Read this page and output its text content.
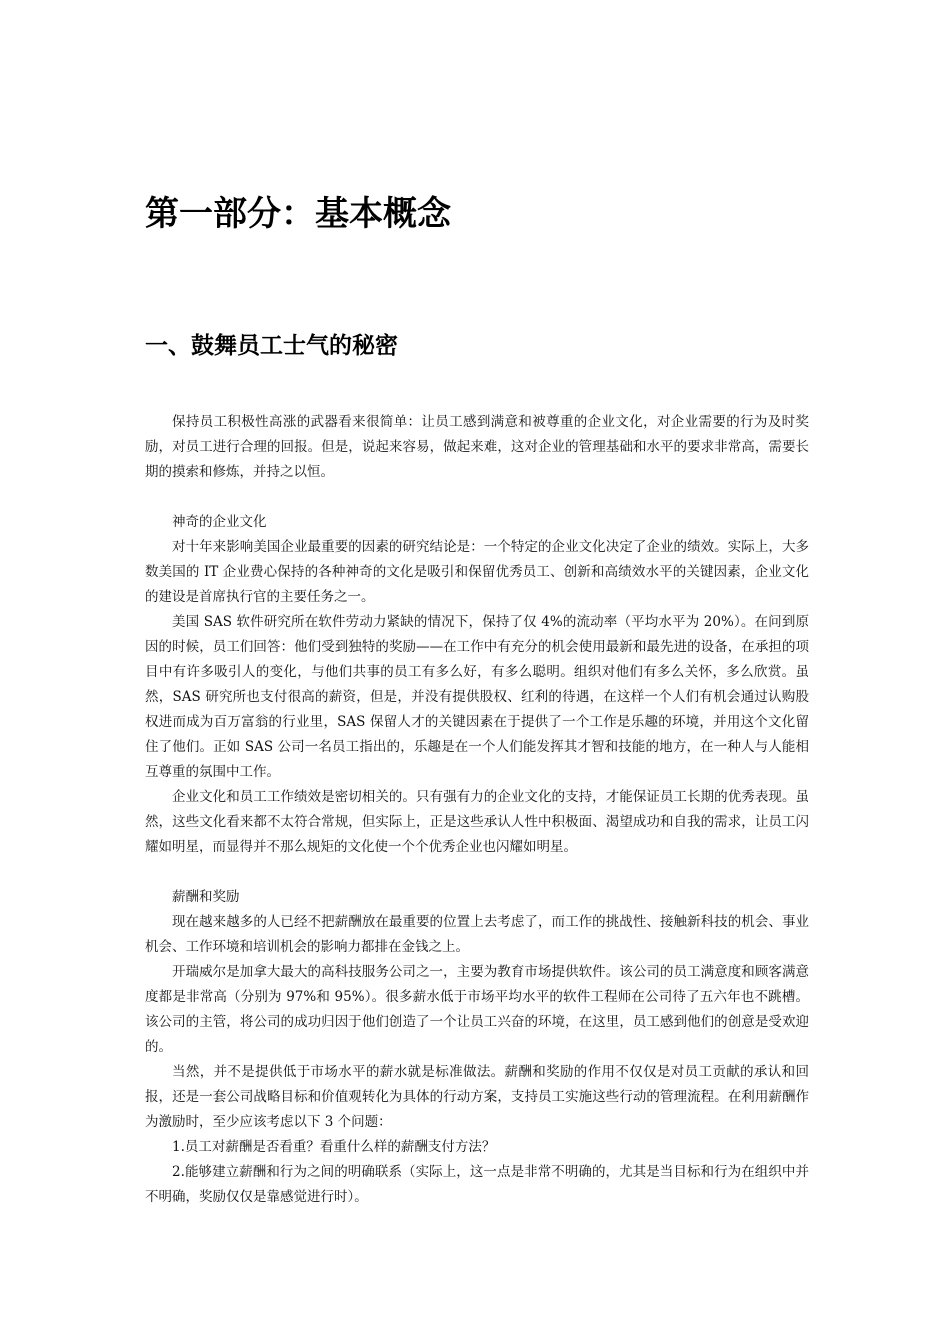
第一部分：基本概念
一、鼓舞员工士气的秘密

保持员工积极性高涨的武器看来很简单：让员工感到满意和被尊重的企业文化，对企业需要的行为及时奖励，对员工进行合理的回报。但是，说起来容易，做起来难，这对企业的管理基础和水平的要求非常高，需要长期的摸索和修炼，并持之以恒。

神奇的企业文化

对十年来影响美国企业最重要的因素的研究结论是：一个特定的企业文化决定了企业的绩效。实际上，大多数美国的 IT 企业费心保持的各种神奇的文化是吸引和保留优秀员工、创新和高绩效水平的关键因素，企业文化的建设是首席执行官的主要任务之一。

美国 SAS 软件研究所在软件劳动力紧缺的情况下，保持了仅 4%的流动率（平均水平为 20%）。在问到原因的时候，员工们回答：他们受到独特的奖励——在工作中有充分的机会使用最新和最先进的设备，在承担的项目中有许多吸引人的变化，与他们共事的员工有多么好，有多么聪明。组织对他们有多么关怀，多么欣赏。虽然，SAS 研究所也支付很高的薪资，但是，并没有提供股权、红利的待遇，在这样一个人们有机会通过认购股权进而成为百万富翁的行业里，SAS 保留人才的关键因素在于提供了一个工作是乐趣的环境，并用这个文化留住了他们。正如 SAS 公司一名员工指出的，乐趣是在一个人们能发挥其才智和技能的地方，在一种人与人能相互尊重的氛围中工作。

企业文化和员工工作绩效是密切相关的。只有强有力的企业文化的支持，才能保证员工长期的优秀表现。虽然，这些文化看来都不太符合常规，但实际上，正是这些承认人性中积极面、渴望成功和自我的需求，让员工闪耀如明星，而显得并不那么规矩的文化使一个个优秀企业也闪耀如明星。

薪酬和奖励

现在越来越多的人已经不把薪酬放在最重要的位置上去考虑了，而工作的挑战性、接触新科技的机会、事业机会、工作环境和培训机会的影响力都排在金钱之上。

开瑞威尔是加拿大最大的高科技服务公司之一，主要为教育市场提供软件。该公司的员工满意度和顾客满意度都是非常高（分别为 97%和 95%）。很多薪水低于市场平均水平的软件工程师在公司待了五六年也不跳槽。该公司的主管，将公司的成功归因于他们创造了一个让员工兴奋的环境，在这里，员工感到他们的创意是受欢迎的。

当然，并不是提供低于市场水平的薪水就是标准做法。薪酬和奖励的作用不仅仅是对员工贡献的承认和回报，还是一套公司战略目标和价值观转化为具体的行动方案，支持员工实施这些行动的管理流程。在利用薪酬作为激励时，至少应该考虑以下 3 个问题：

1.员工对薪酬是否看重？看重什么样的薪酬支付方法？

2.能够建立薪酬和行为之间的明确联系（实际上，这一点是非常不明确的，尤其是当目标和行为在组织中并不明确，奖励仅仅是靠感觉进行时）。
